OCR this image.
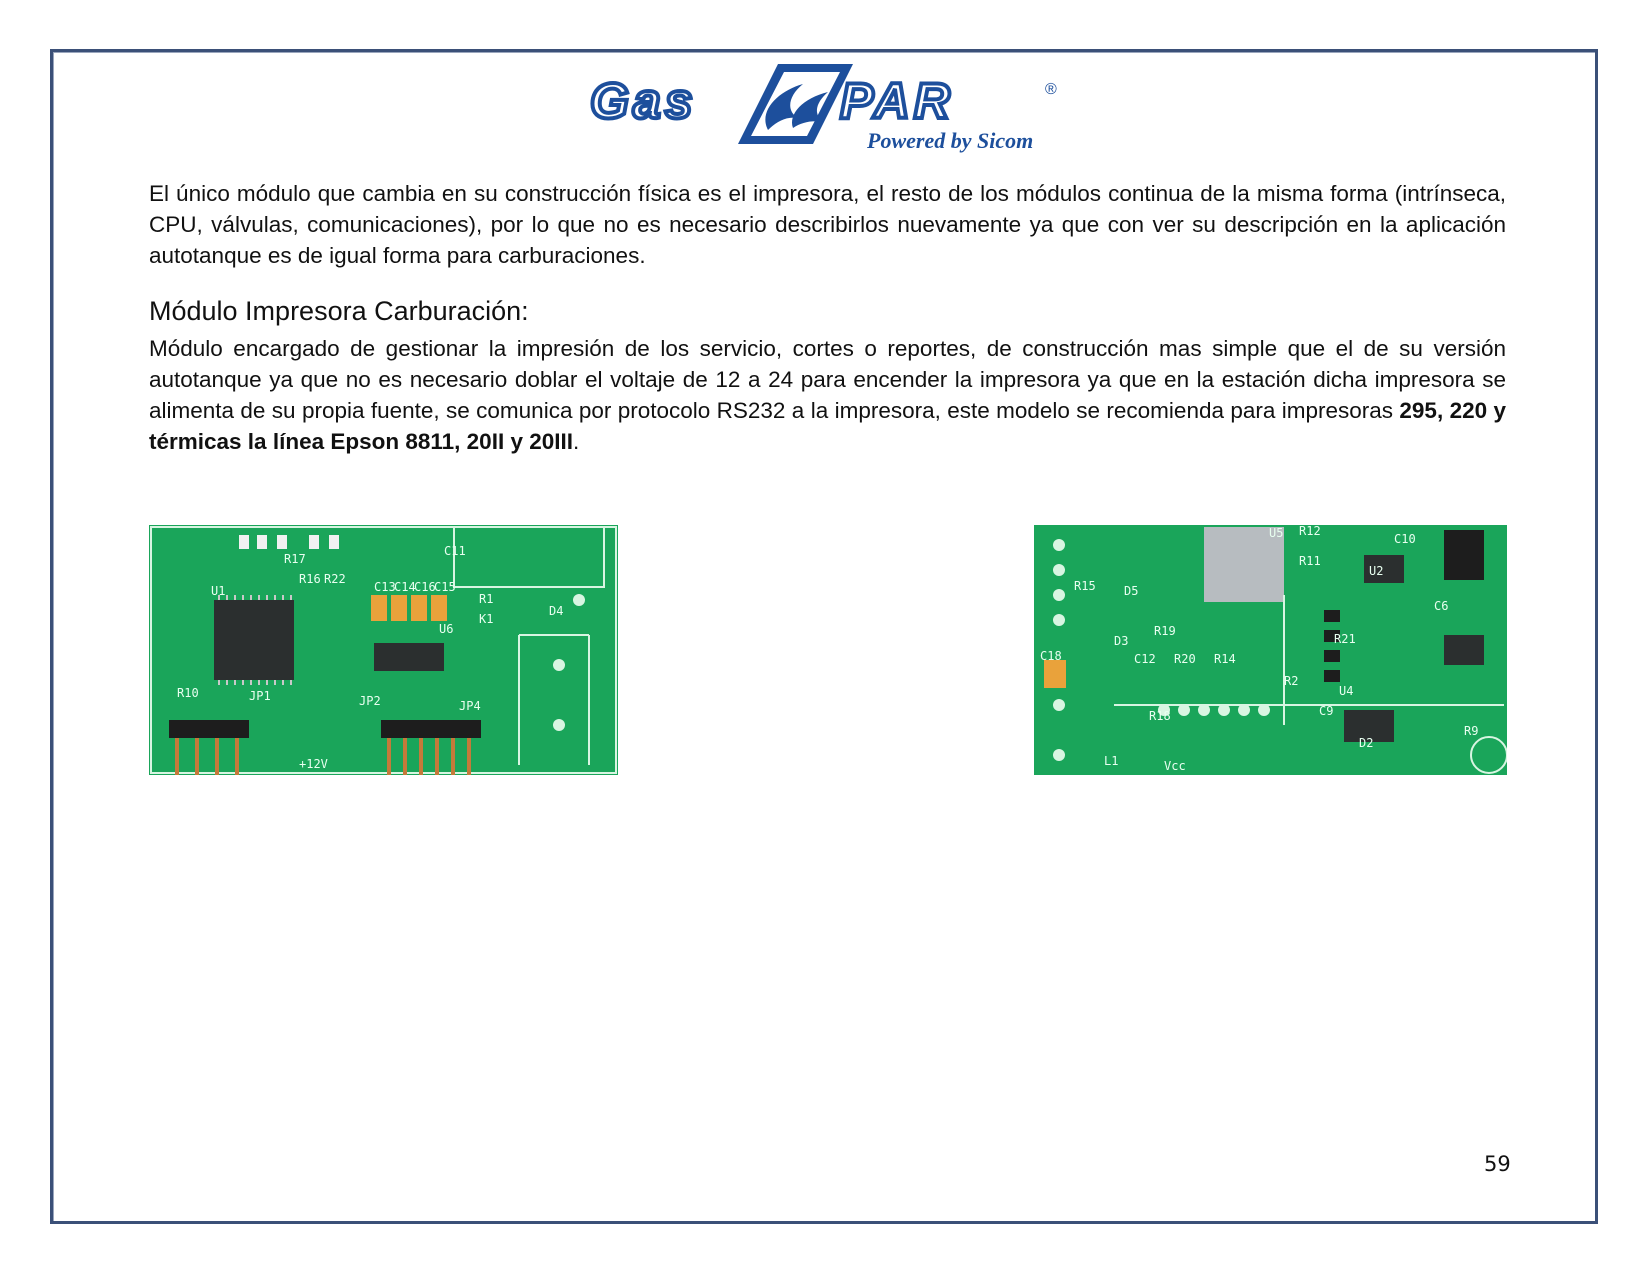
Gas	PAR	®
Powered by Sicom

El único módulo que cambia en su construcción física es el impresora, el resto de los módulos continua de la misma forma (intrínseca, CPU, válvulas, comunicaciones), por lo que no es necesario describirlos nuevamente ya que con ver su descripción en la aplicación autotanque es de igual forma para carburaciones.

Módulo Impresora Carburación:

Módulo encargado de gestionar la impresión de los servicio, cortes o reportes, de construcción mas simple que el de su versión autotanque ya que no es necesario doblar el voltaje de 12 a 24 para encender la impresora ya que en la estación dicha impresora se alimenta de su propia fuente, se comunica por protocolo RS232 a la impresora, este modelo se recomienda para impresoras 295, 220 y térmicas la línea Epson 8811, 20II y 20III.

U1
U6
C11
C13
C14
C16
C15
R17
R16 R22
R10	JP1	JP2	JP4
K1
D4
R1
+12V
C18
R15 D5
R19
C12 R20 R14
D3
U5
U2
C10
C6
R11
R12
R2
R21
U4
C9
D2
R9
R18
L1	Vcc
59
